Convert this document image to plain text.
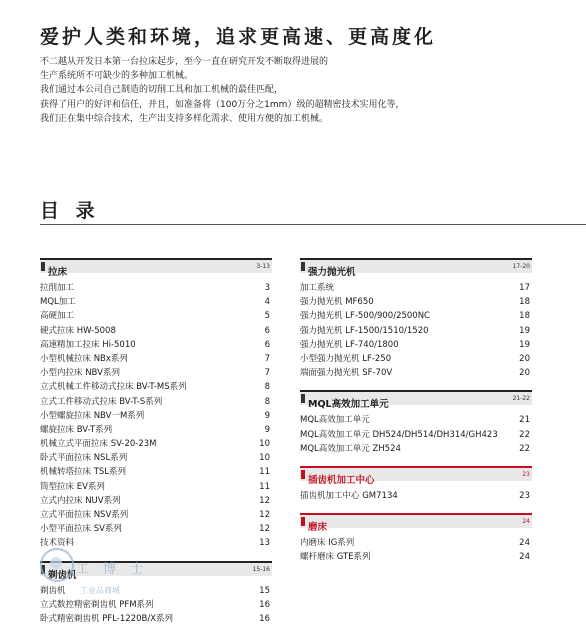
爱护人类和环境，追求更高速、更高度化

不二越从开发日本第一台拉床起步，至今一直在研究开发不断取得进展的

生产系统所不可缺少的多种加工机械。

我们通过本公司自己制造的切削工具和加工机械的最佳匹配，

获得了用户的好评和信任，并且，如准备将（100万分之1mm）级的超精密技术实用化等，

我们正在集中综合技术，生产出支持多样化需求、使用方便的加工机械。

目 录
拉床
3-13
拉削加工	3
MQL加工	4
高硬加工	5
硬式拉床 HW-5008	6
高速精加工拉床 Hi-5010	6
小型机械拉床 NBx系列	7
小型内拉床 NBV系列	7
立式机械工件移动式拉床 BV-T-MS系列	8
立式工件移动式拉床 BV-T-S系列	8
小型螺旋拉床 NBV一M系列	9
螺旋拉床 BV-T系列	9
机械立式平面拉床 SV-20-23M	10
卧式平面拉床 NSL系列	10
机械转塔拉床 TSL系列	11
筒型拉床 EV系列	11
立式内拉床 NUV系列	12
立式平面拉床 NSV系列	12
小型平面拉床 SV系列	12
技术资料	13
剃齿机
15-16
剃齿机	15
立式数控精密剃齿机 PFM系列	16
卧式精密剃齿机 PFL-1220B/X系列	16
强力抛光机
17-20
加工系统	17
强力抛光机 MF650	18
强力抛光机 LF-500/900/2500NC	18
强力抛光机 LF-1500/1510/1520	19
强力抛光机 LF-740/1800	19
小型强力抛光机 LF-250	20
端面强力抛光机 SF-70V	20
MQL高效加工单元
21-22
MQL高效加工单元	21
MQL高效加工单元 DH524/DH514/DH314/GH423	22
MQL高效加工单元 ZH524	22
插齿机加工中心
23
插齿机加工中心 GM7134	23
磨床
24
内磨床 IG系列	24
螺杆磨床 GTE系列	24
工 博 士
工业品商城
